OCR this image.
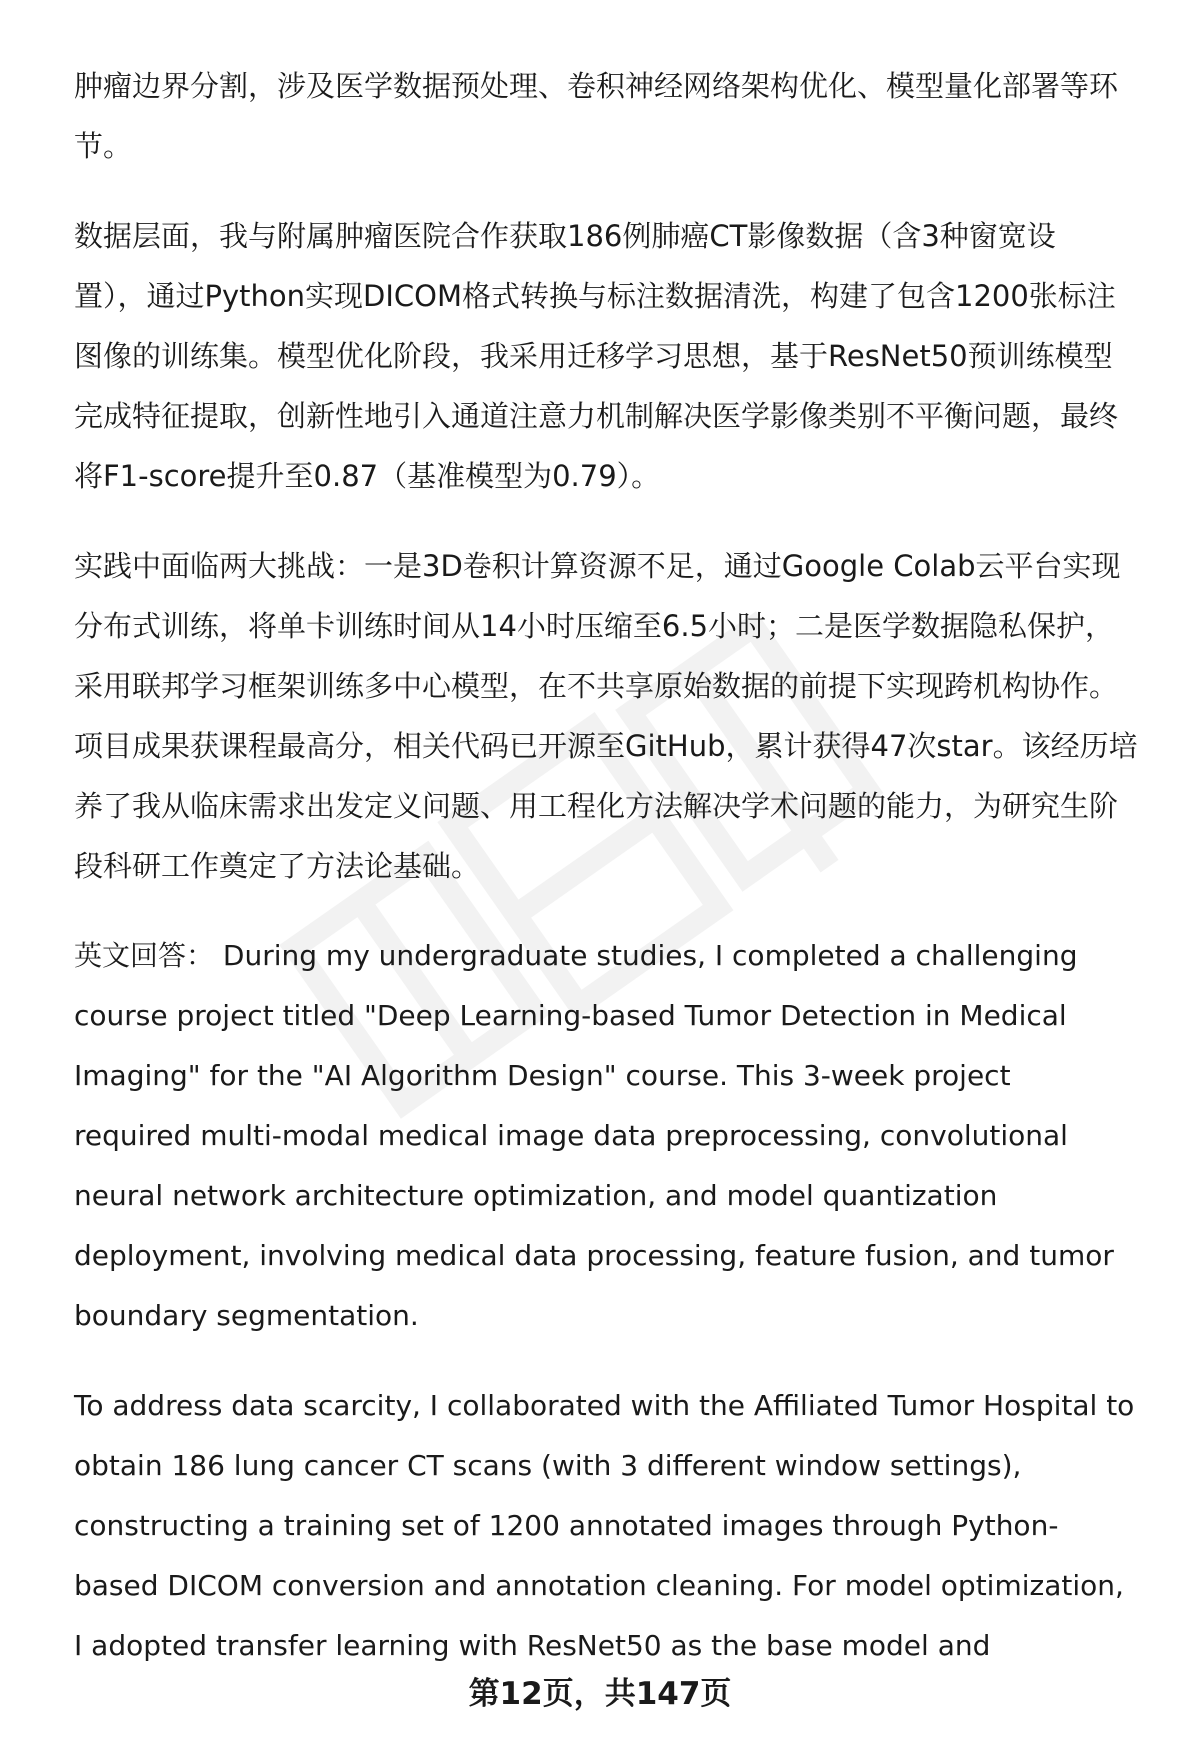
肿瘤边界分割，涉及医学数据预处理、卷积神经网络架构优化、模型量化部署等环
节。

数据层面，我与附属肿瘤医院合作获取186例肺癌CT影像数据（含3种窗宽设
置），通过Python实现DICOM格式转换与标注数据清洗，构建了包含1200张标注
图像的训练集。模型优化阶段，我采用迁移学习思想，基于ResNet50预训练模型
完成特征提取，创新性地引入通道注意力机制解决医学影像类别不平衡问题，最终
将F1-score提升至0.87（基准模型为0.79）。

实践中面临两大挑战：一是3D卷积计算资源不足，通过Google Colab云平台实现
分布式训练，将单卡训练时间从14小时压缩至6.5小时；二是医学数据隐私保护，
采用联邦学习框架训练多中心模型，在不共享原始数据的前提下实现跨机构协作。
项目成果获课程最高分，相关代码已开源至GitHub，累计获得47次star。该经历培
养了我从临床需求出发定义问题、用工程化方法解决学术问题的能力，为研究生阶
段科研工作奠定了方法论基础。

英文回答： During my undergraduate studies, I completed a challenging
course project titled "Deep Learning-based Tumor Detection in Medical
Imaging" for the "AI Algorithm Design" course. This 3-week project
required multi-modal medical image data preprocessing, convolutional
neural network architecture optimization, and model quantization
deployment, involving medical data processing, feature fusion, and tumor
boundary segmentation.

To address data scarcity, I collaborated with the Affiliated Tumor Hospital to
obtain 186 lung cancer CT scans (with 3 different window settings),
constructing a training set of 1200 annotated images through Python-
based DICOM conversion and annotation cleaning. For model optimization,
I adopted transfer learning with ResNet50 as the base model and

第12页，共147页
